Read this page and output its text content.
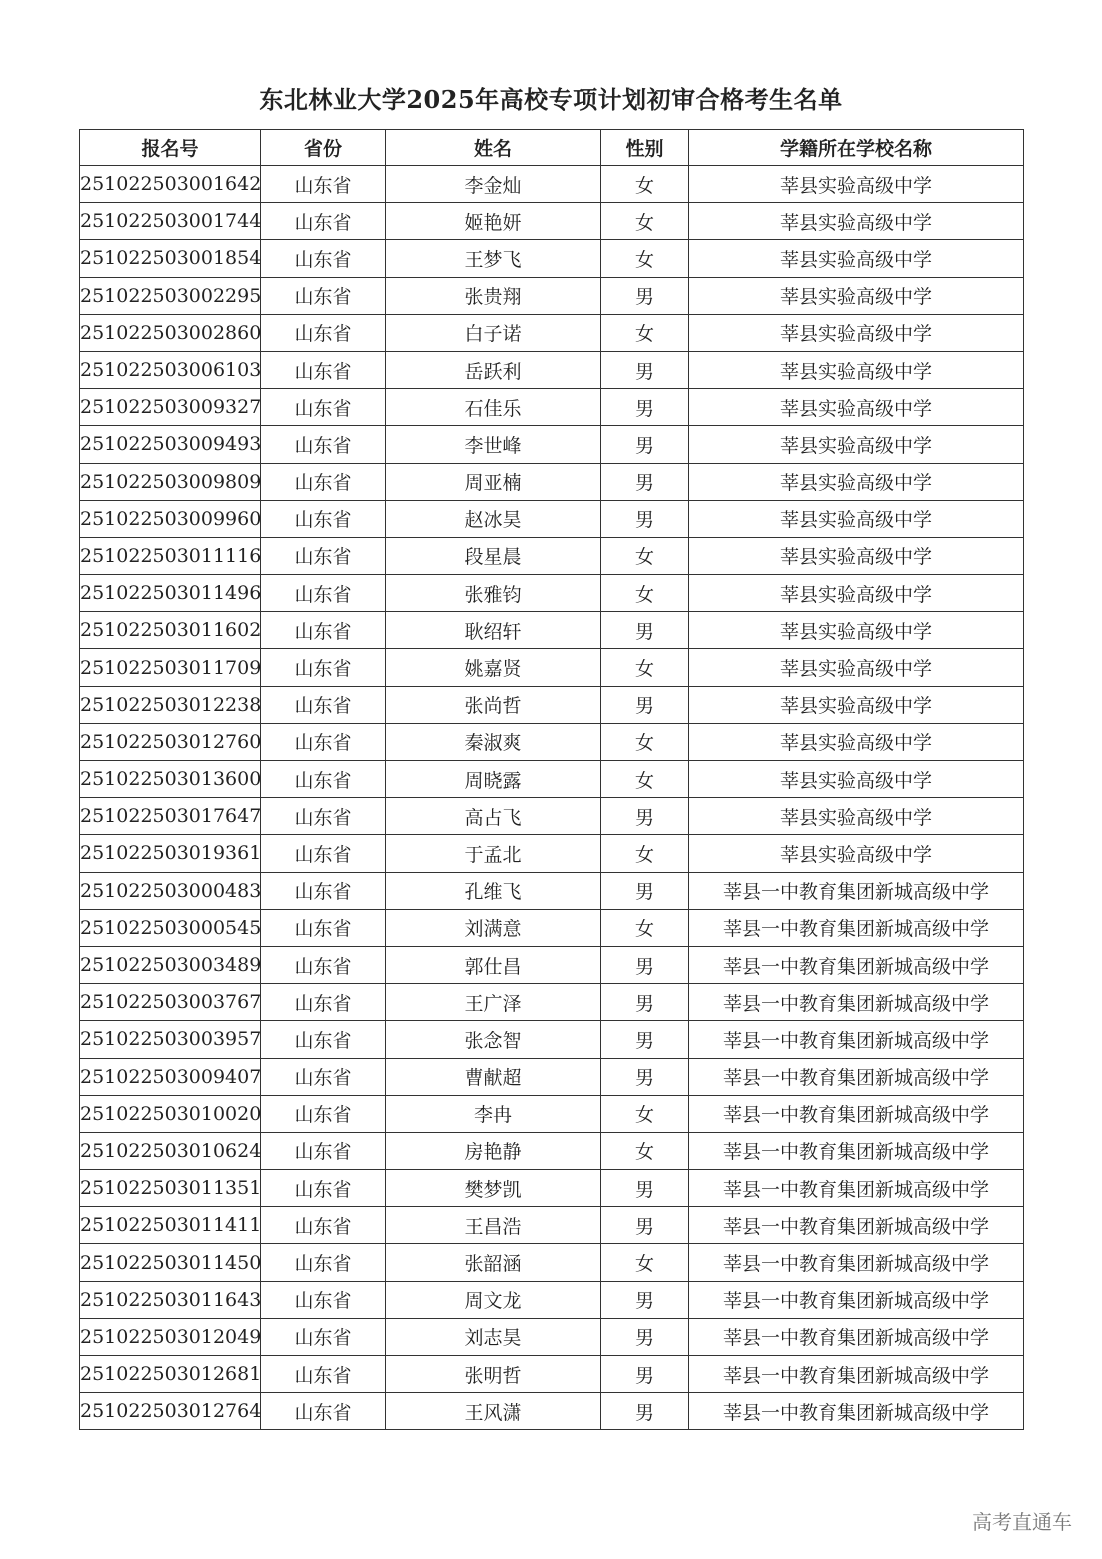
东北林业大学2025年高校专项计划初审合格考生名单
报名号	省份	姓名	性别	学籍所在学校名称
251022503001642	山东省	李金灿	女	莘县实验高级中学
251022503001744	山东省	姬艳妍	女	莘县实验高级中学
251022503001854	山东省	王梦飞	女	莘县实验高级中学
251022503002295	山东省	张贵翔	男	莘县实验高级中学
251022503002860	山东省	白子诺	女	莘县实验高级中学
251022503006103	山东省	岳跃利	男	莘县实验高级中学
251022503009327	山东省	石佳乐	男	莘县实验高级中学
251022503009493	山东省	李世峰	男	莘县实验高级中学
251022503009809	山东省	周亚楠	男	莘县实验高级中学
251022503009960	山东省	赵冰昊	男	莘县实验高级中学
251022503011116	山东省	段星晨	女	莘县实验高级中学
251022503011496	山东省	张雅钧	女	莘县实验高级中学
251022503011602	山东省	耿绍轩	男	莘县实验高级中学
251022503011709	山东省	姚嘉贤	女	莘县实验高级中学
251022503012238	山东省	张尚哲	男	莘县实验高级中学
251022503012760	山东省	秦淑爽	女	莘县实验高级中学
251022503013600	山东省	周晓露	女	莘县实验高级中学
251022503017647	山东省	高占飞	男	莘县实验高级中学
251022503019361	山东省	于孟北	女	莘县实验高级中学
251022503000483	山东省	孔维飞	男	莘县一中教育集团新城高级中学
251022503000545	山东省	刘满意	女	莘县一中教育集团新城高级中学
251022503003489	山东省	郭仕昌	男	莘县一中教育集团新城高级中学
251022503003767	山东省	王广泽	男	莘县一中教育集团新城高级中学
251022503003957	山东省	张念智	男	莘县一中教育集团新城高级中学
251022503009407	山东省	曹献超	男	莘县一中教育集团新城高级中学
251022503010020	山东省	李冉	女	莘县一中教育集团新城高级中学
251022503010624	山东省	房艳静	女	莘县一中教育集团新城高级中学
251022503011351	山东省	樊梦凯	男	莘县一中教育集团新城高级中学
251022503011411	山东省	王昌浩	男	莘县一中教育集团新城高级中学
251022503011450	山东省	张韶涵	女	莘县一中教育集团新城高级中学
251022503011643	山东省	周文龙	男	莘县一中教育集团新城高级中学
251022503012049	山东省	刘志昊	男	莘县一中教育集团新城高级中学
251022503012681	山东省	张明哲	男	莘县一中教育集团新城高级中学
251022503012764	山东省	王风潇	男	莘县一中教育集团新城高级中学
高考直通车
